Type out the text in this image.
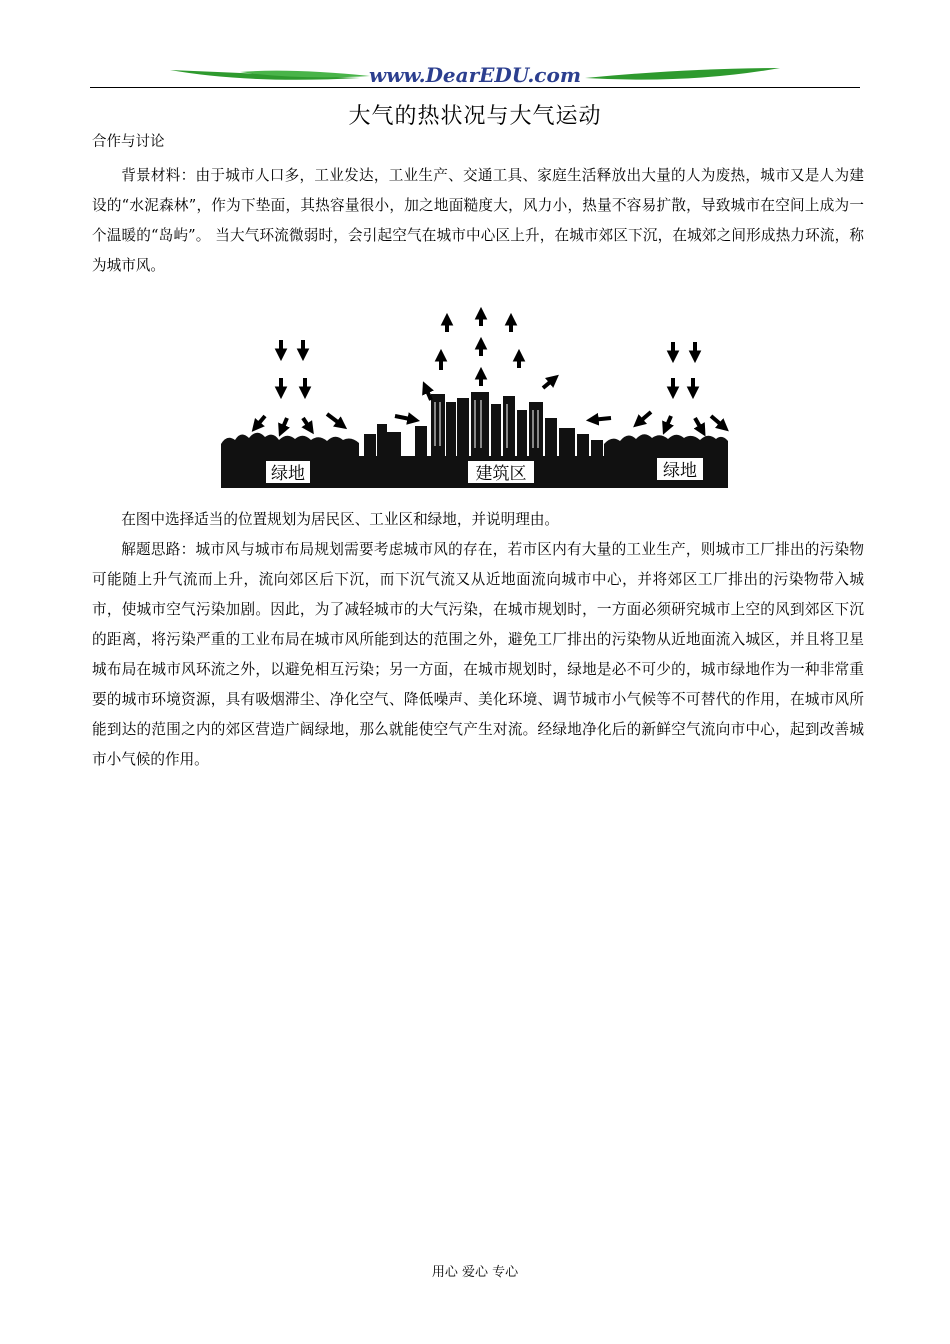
www.DearEDU.com
大气的热状况与大气运动
合作与讨论

背景材料：由于城市人口多，工业发达，工业生产、交通工具、家庭生活释放出大量的人为废热，城市又是人为建设的“水泥森林”，作为下垫面，其热容量很小，加之地面糙度大，风力小，热量不容易扩散，导致城市在空间上成为一个温暖的“岛屿”。 当大气环流微弱时，会引起空气在城市中心区上升，在城市郊区下沉，在城郊之间形成热力环流，称为城市风。

绿地	建筑区	绿地

在图中选择适当的位置规划为居民区、工业区和绿地，并说明理由。

解题思路：城市风与城市布局规划需要考虑城市风的存在，若市区内有大量的工业生产，则城市工厂排出的污染物可能随上升气流而上升，流向郊区后下沉，而下沉气流又从近地面流向城市中心，并将郊区工厂排出的污染物带入城市，使城市空气污染加剧。因此，为了减轻城市的大气污染，在城市规划时，一方面必须研究城市上空的风到郊区下沉的距离，将污染严重的工业布局在城市风所能到达的范围之外，避免工厂排出的污染物从近地面流入城区，并且将卫星城布局在城市风环流之外，以避免相互污染；另一方面，在城市规划时，绿地是必不可少的，城市绿地作为一种非常重要的城市环境资源，具有吸烟滞尘、净化空气、降低噪声、美化环境、调节城市小气候等不可替代的作用，在城市风所能到达的范围之内的郊区营造广阔绿地，那么就能使空气产生对流。经绿地净化后的新鲜空气流向市中心，起到改善城市小气候的作用。

用心 爱心 专心
